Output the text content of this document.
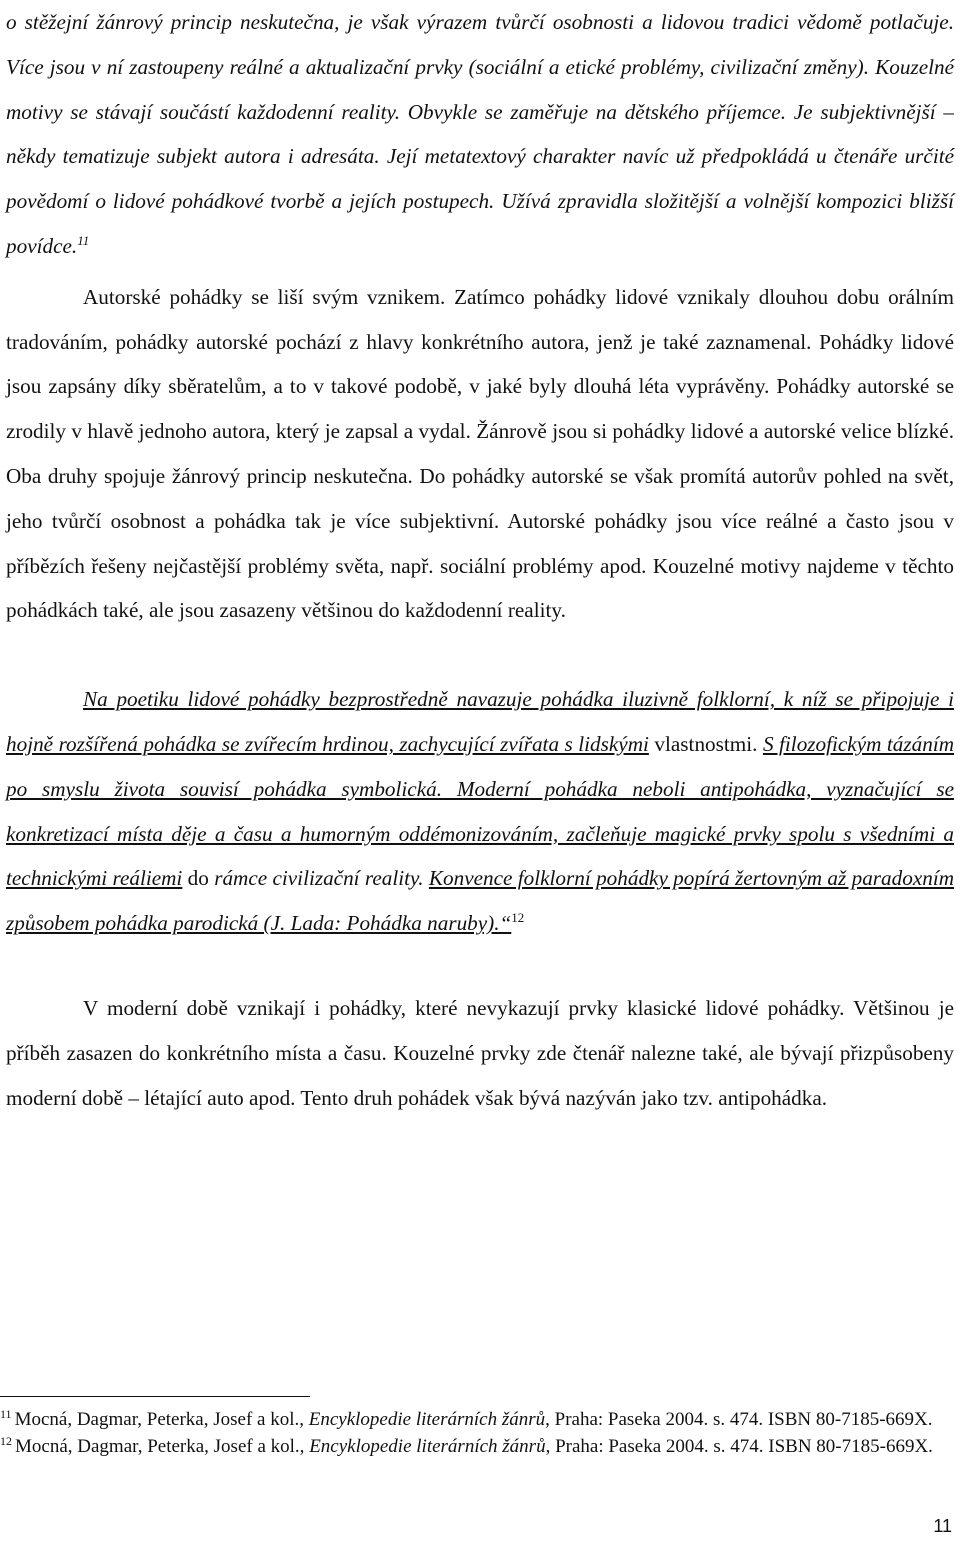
o stěžejní žánrový princip neskutečna, je však výrazem tvůrčí osobnosti a lidovou tradici vědomě potlačuje. Více jsou v ní zastoupeny reálné a aktualizační prvky (sociální a etické problémy, civilizační změny). Kouzelné motivy se stávají součástí každodenní reality. Obvykle se zaměřuje na dětského příjemce. Je subjektivnější – někdy tematizuje subjekt autora i adresáta. Její metatextový charakter navíc už předpokládá u čtenáře určité povědomí o lidové pohádkové tvorbě a jejích postupech. Užívá zpravidla složitější a volnější kompozici bližší povídce.$^{11}$

Autorské pohádky se liší svým vznikem. Zatímco pohádky lidové vznikaly dlouhou dobu orálním tradováním, pohádky autorské pochází z hlavy konkrétního autora, jenž je také zaznamenal. Pohádky lidové jsou zapsány díky sběratelům, a to v takové podobě, v jaké byly dlouhá léta vyprávěny. Pohádky autorské se zrodily v hlavě jednoho autora, který je zapsal a vydal. Žánrově jsou si pohádky lidové a autorské velice blízké. Oba druhy spojuje žánrový princip neskutečna. Do pohádky autorské se však promítá autorův pohled na svět, jeho tvůrčí osobnost a pohádka tak je více subjektivní. Autorské pohádky jsou více reálné a často jsou v příbězích řešeny nejčastější problémy světa, např. sociální problémy apod. Kouzelné motivy najdeme v těchto pohádkách také, ale jsou zasazeny většinou do každodenní reality.

Na poetiku lidové pohádky bezprostředně navazuje pohádka iluzivně folklorní, k níž se připojuje i hojně rozšířená pohádka se zvířecím hrdinou, zachycující zvířata s lidskými vlastnostmi. S filozofickým tázáním po smyslu života souvisí pohádka symbolická. Moderní pohádka neboli antipohádka, vyznačující se konkretizací místa děje a času a humorným oddémonizováním, začleňuje magické prvky spolu s všedními a technickými reáliemi do rámce civilizační reality. Konvence folklorní pohádky popírá žertovným až paradoxním způsobem pohádka parodická (J. Lada: Pohádka naruby).“$^{12}$

V moderní době vznikají i pohádky, které nevykazují prvky klasické lidové pohádky. Většinou je příběh zasazen do konkrétního místa a času. Kouzelné prvky zde čtenář nalezne také, ale bývají přizpůsobeny moderní době – létající auto apod. Tento druh pohádek však bývá nazýván jako tzv. antipohádka.

$^{11}$ Mocná, Dagmar, Peterka, Josef a kol., Encyklopedie literárních žánrů, Praha: Paseka 2004. s. 474. ISBN 80-7185-669X.

$^{12}$ Mocná, Dagmar, Peterka, Josef a kol., Encyklopedie literárních žánrů, Praha: Paseka 2004. s. 474. ISBN 80-7185-669X.

11
